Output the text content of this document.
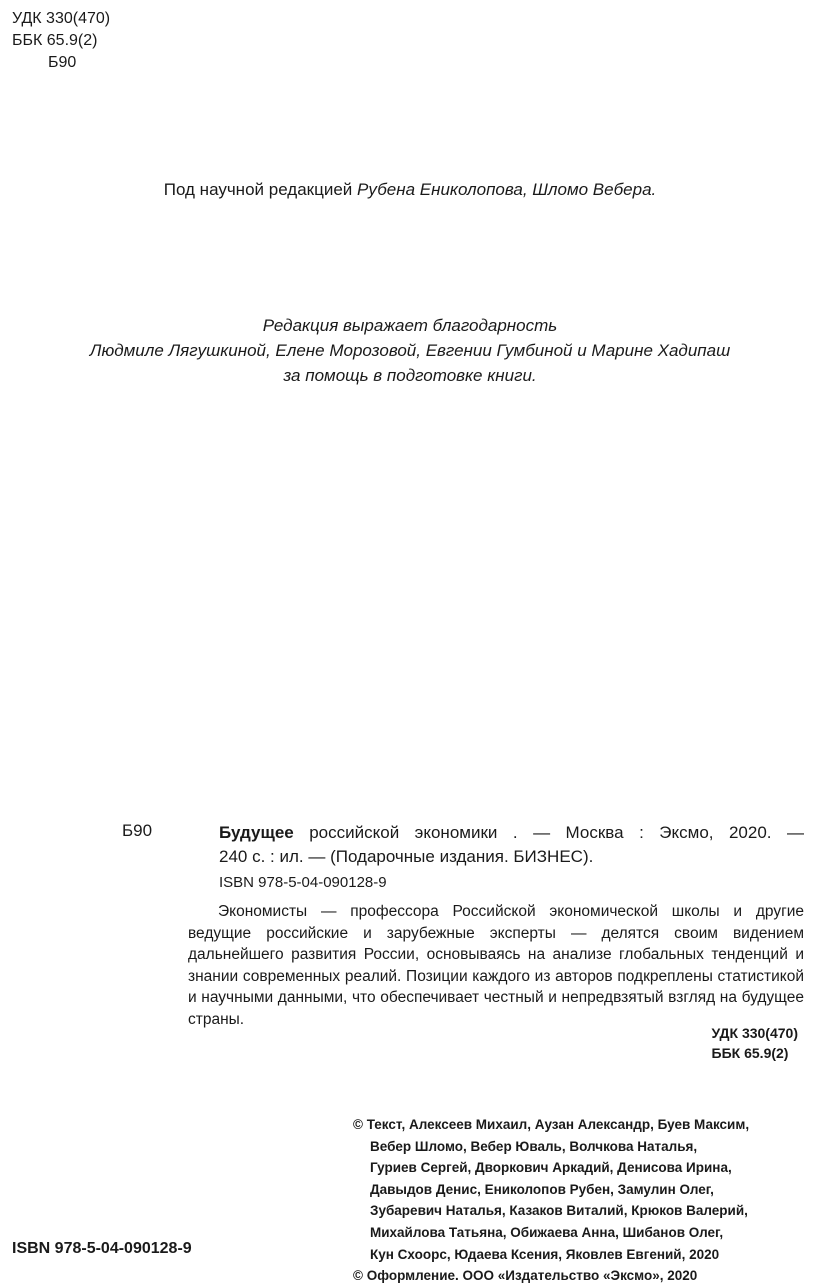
УДК 330(470)
ББК 65.9(2)
Б90
Под научной редакцией Рубена Ениколопова, Шломо Вебера.
Редакция выражает благодарность
Людмиле Лягушкиной, Елене Морозовой, Евгении Гумбиной и Марине Хадипаш
за помощь в подготовке книги.
Б90	Будущее российской экономики . — Москва : Эксмо, 2020. —
240 с. : ил. — (Подарочные издания. БИЗНЕС).
ISBN 978-5-04-090128-9

Экономисты — профессора Российской экономической школы и другие ведущие российские и зарубежные эксперты — делятся своим видением дальнейшего развития России, основываясь на анализе глобальных тенденций и знании современных реалий. Позиции каждого из авторов подкреплены статистикой и научными данными, что обеспечивает честный и непредвзятый взгляд на будущее страны.

УДК 330(470)
ББК 65.9(2)
© Текст, Алексеев Михаил, Аузан Александр, Буев Максим,
Вебер Шломо, Вебер Юваль, Волчкова Наталья,
Гуриев Сергей, Дворкович Аркадий, Денисова Ирина,
Давыдов Денис, Ениколопов Рубен, Замулин Олег,
Зубаревич Наталья, Казаков Виталий, Крюков Валерий,
Михайлова Татьяна, Обижаева Анна, Шибанов Олег,
Кун Схоорс, Юдаева Ксения, Яковлев Евгений, 2020
© Оформление. ООО «Издательство «Эксмо», 2020
ISBN 978-5-04-090128-9
